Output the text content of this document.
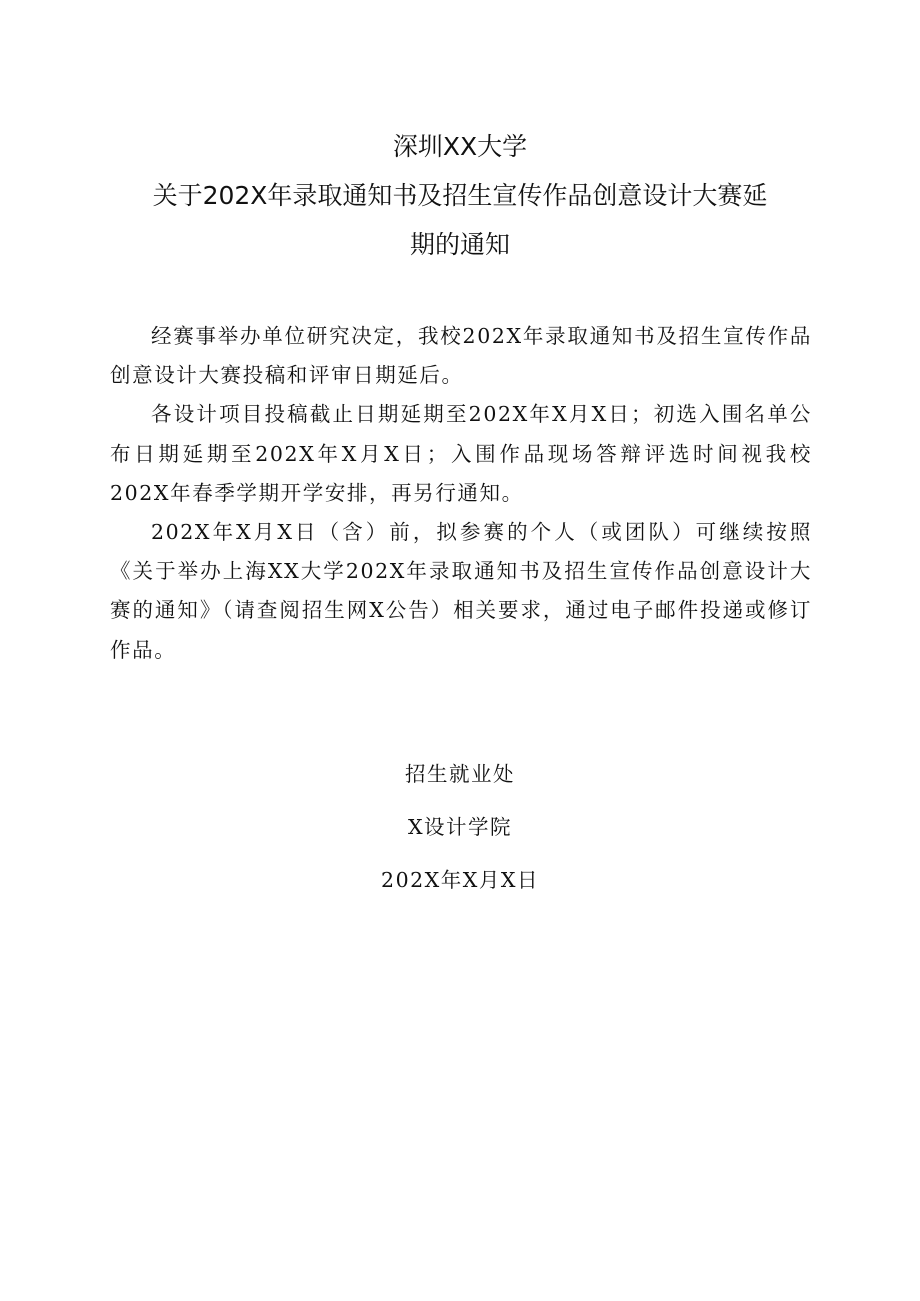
深圳XX大学
关于202X年录取通知书及招生宣传作品创意设计大赛延
期的通知

经赛事举办单位研究决定，我校202X年录取通知书及招生宣传作品创意设计大赛投稿和评审日期延后。

各设计项目投稿截止日期延期至202X年X月X日；初选入围名单公布日期延期至202X年X月X日；入围作品现场答辩评选时间视我校202X年春季学期开学安排，再另行通知。

202X年X月X日（含）前，拟参赛的个人（或团队）可继续按照《关于举办上海XX大学202X年录取通知书及招生宣传作品创意设计大赛的通知》（请查阅招生网X公告）相关要求，通过电子邮件投递或修订作品。

招生就业处
X设计学院
202X年X月X日
